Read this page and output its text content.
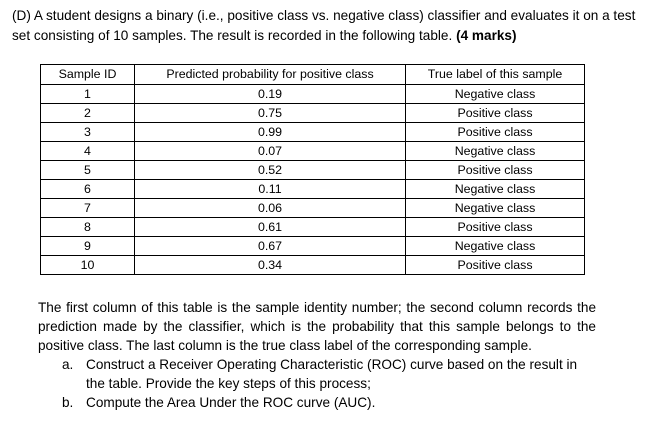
(D) A student designs a binary (i.e., positive class vs. negative class) classifier and evaluates it on a test set consisting of 10 samples. The result is recorded in the following table. (4 marks)
Sample ID	Predicted probability for positive class	True label of this sample
1	0.19	Negative class
2	0.75	Positive class
3	0.99	Positive class
4	0.07	Negative class
5	0.52	Positive class
6	0.11	Negative class
7	0.06	Negative class
8	0.61	Positive class
9	0.67	Negative class
10	0.34	Positive class
The first column of this table is the sample identity number; the second column records the prediction made by the classifier, which is the probability that this sample belongs to the positive class. The last column is the true class label of the corresponding sample.
a. Construct a Receiver Operating Characteristic (ROC) curve based on the result in the table. Provide the key steps of this process;
b. Compute the Area Under the ROC curve (AUC).
